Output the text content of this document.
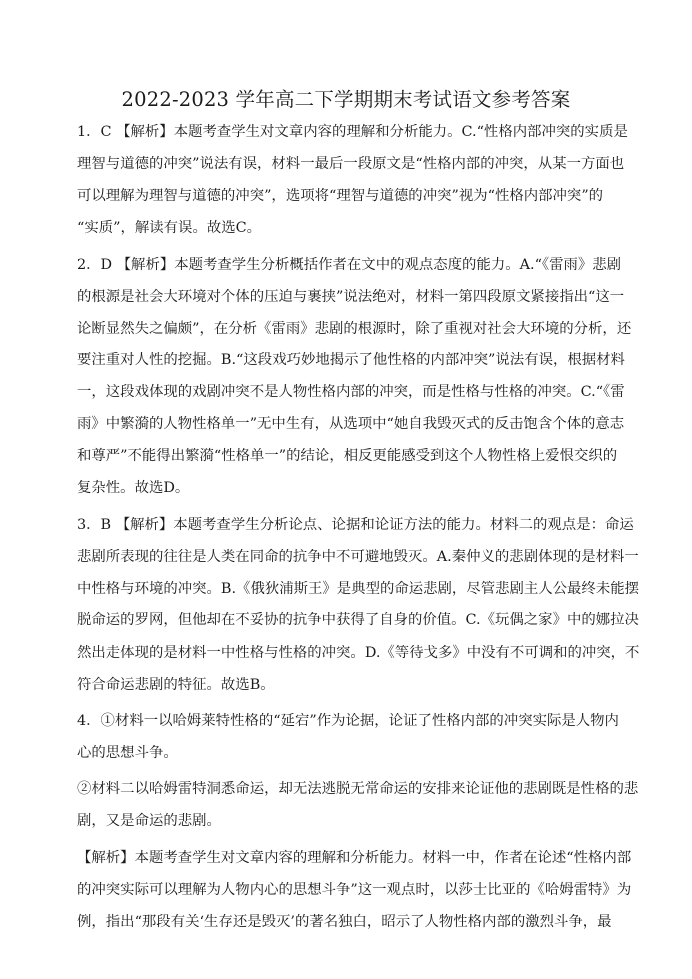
2022-2023 学年高二下学期期末考试语文参考答案
1．C 【解析】本题考查学生对文章内容的理解和分析能力。C.“性格内部冲突的实质是
理智与道德的冲突”说法有误，材料一最后一段原文是“性格内部的冲突，从某一方面也
可以理解为理智与道德的冲突”，选项将“理智与道德的冲突”视为“性格内部冲突”的
“实质”，解读有误。故选C。
2．D 【解析】本题考查学生分析概括作者在文中的观点态度的能力。A.“《雷雨》悲剧
的根源是社会大环境对个体的压迫与裹挟”说法绝对，材料一第四段原文紧接指出“这一
论断显然失之偏颇”，在分析《雷雨》悲剧的根源时，除了重视对社会大环境的分析，还
要注重对人性的挖掘。B.“这段戏巧妙地揭示了他性格的内部冲突”说法有误，根据材料
一，这段戏体现的戏剧冲突不是人物性格内部的冲突，而是性格与性格的冲突。C.“《雷
雨》中繁漪的人物性格单一”无中生有，从选项中“她自我毁灭式的反击饱含个体的意志
和尊严”不能得出繁漪“性格单一”的结论，相反更能感受到这个人物性格上爱恨交织的
复杂性。故选D。
3．B 【解析】本题考查学生分析论点、论据和论证方法的能力。材料二的观点是：命运
悲剧所表现的往往是人类在同命的抗争中不可避地毁灭。A.秦仲义的悲剧体现的是材料一
中性格与环境的冲突。B.《俄狄浦斯王》是典型的命运悲剧，尽管悲剧主人公最终未能摆
脱命运的罗网，但他却在不妥协的抗争中获得了自身的价值。C.《玩偶之家》中的娜拉决
然出走体现的是材料一中性格与性格的冲突。D.《等待戈多》中没有不可调和的冲突，不
符合命运悲剧的特征。故选B。
4．①材料一以哈姆莱特性格的“延宕”作为论据，论证了性格内部的冲突实际是人物内
心的思想斗争。
②材料二以哈姆雷特洞悉命运，却无法逃脱无常命运的安排来论证他的悲剧既是性格的悲
剧，又是命运的悲剧。
【解析】本题考查学生对文章内容的理解和分析能力。材料一中，作者在论述“性格内部
的冲突实际可以理解为人物内心的思想斗争”这一观点时，以莎士比亚的《哈姆雷特》为
例，指出“那段有关‘生存还是毁灭’的著名独白，昭示了人物性格内部的激烈斗争，最
